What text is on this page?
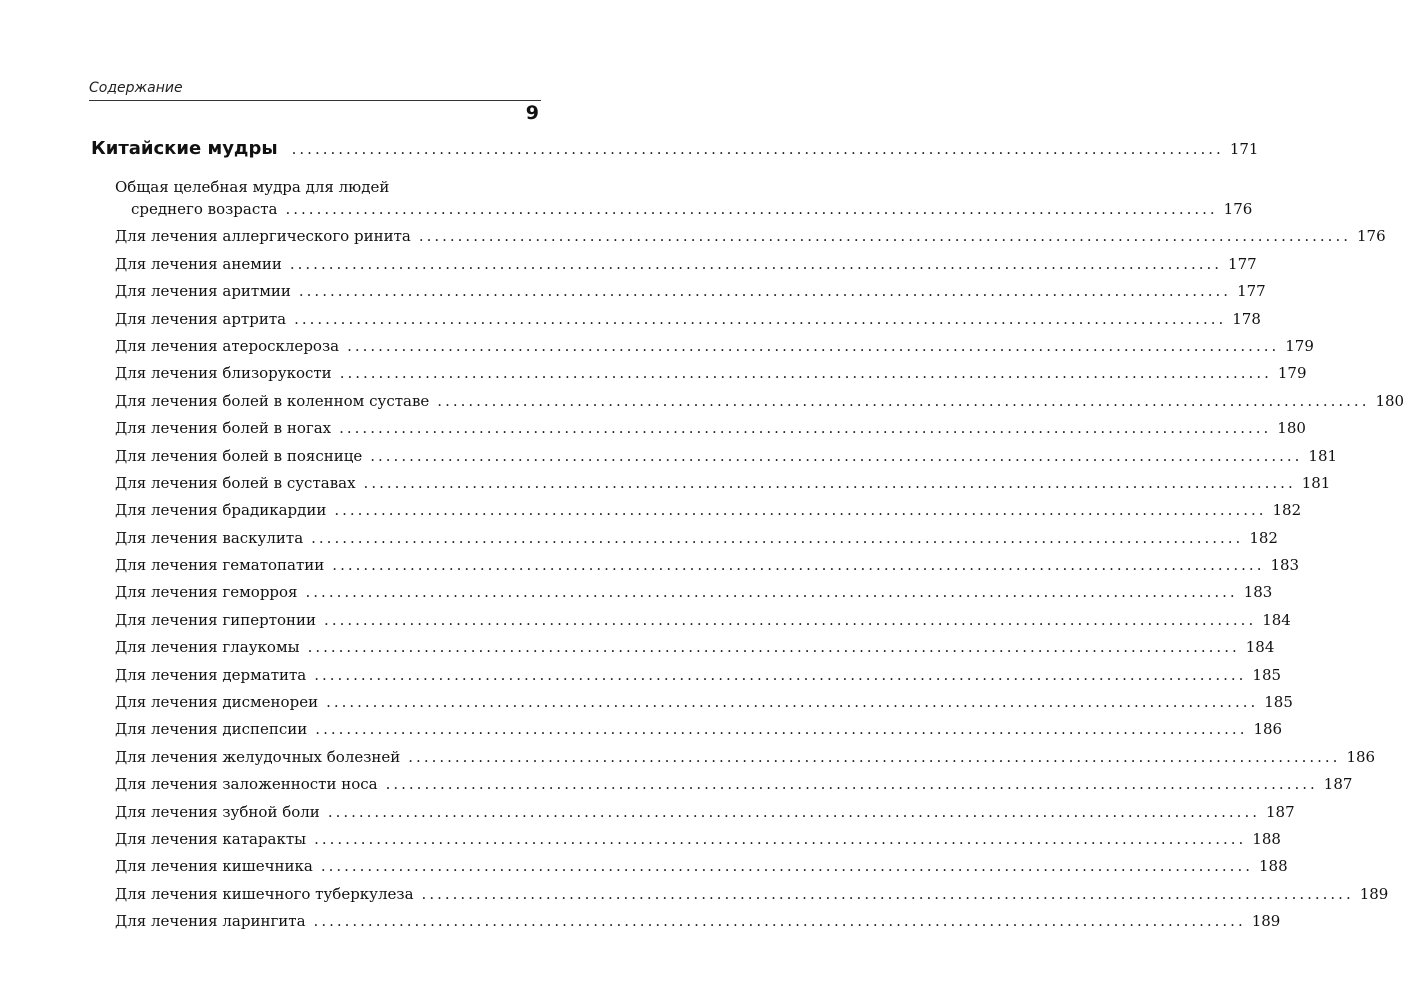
Содержание
9
Китайские мудры ........................................................................................................................ 171
Общая целебная мудра для людей
среднего возраста ........................................................................................................................ 176
Для лечения аллергического ринита ........................................................................................................................ 176
Для лечения анемии ........................................................................................................................ 177
Для лечения аритмии ........................................................................................................................ 177
Для лечения артрита ........................................................................................................................ 178
Для лечения атеросклероза ........................................................................................................................ 179
Для лечения близорукости ........................................................................................................................ 179
Для лечения болей в коленном суставе ........................................................................................................................ 180
Для лечения болей в ногах ........................................................................................................................ 180
Для лечения болей в пояснице ........................................................................................................................ 181
Для лечения болей в суставах ........................................................................................................................ 181
Для лечения брадикардии ........................................................................................................................ 182
Для лечения васкулита ........................................................................................................................ 182
Для лечения гематопатии ........................................................................................................................ 183
Для лечения геморроя ........................................................................................................................ 183
Для лечения гипертонии ........................................................................................................................ 184
Для лечения глаукомы ........................................................................................................................ 184
Для лечения дерматита ........................................................................................................................ 185
Для лечения дисменореи ........................................................................................................................ 185
Для лечения диспепсии ........................................................................................................................ 186
Для лечения желудочных болезней ........................................................................................................................ 186
Для лечения заложенности носа ........................................................................................................................ 187
Для лечения зубной боли ........................................................................................................................ 187
Для лечения катаракты ........................................................................................................................ 188
Для лечения кишечника ........................................................................................................................ 188
Для лечения кишечного туберкулеза ........................................................................................................................ 189
Для лечения ларингита ........................................................................................................................ 189
